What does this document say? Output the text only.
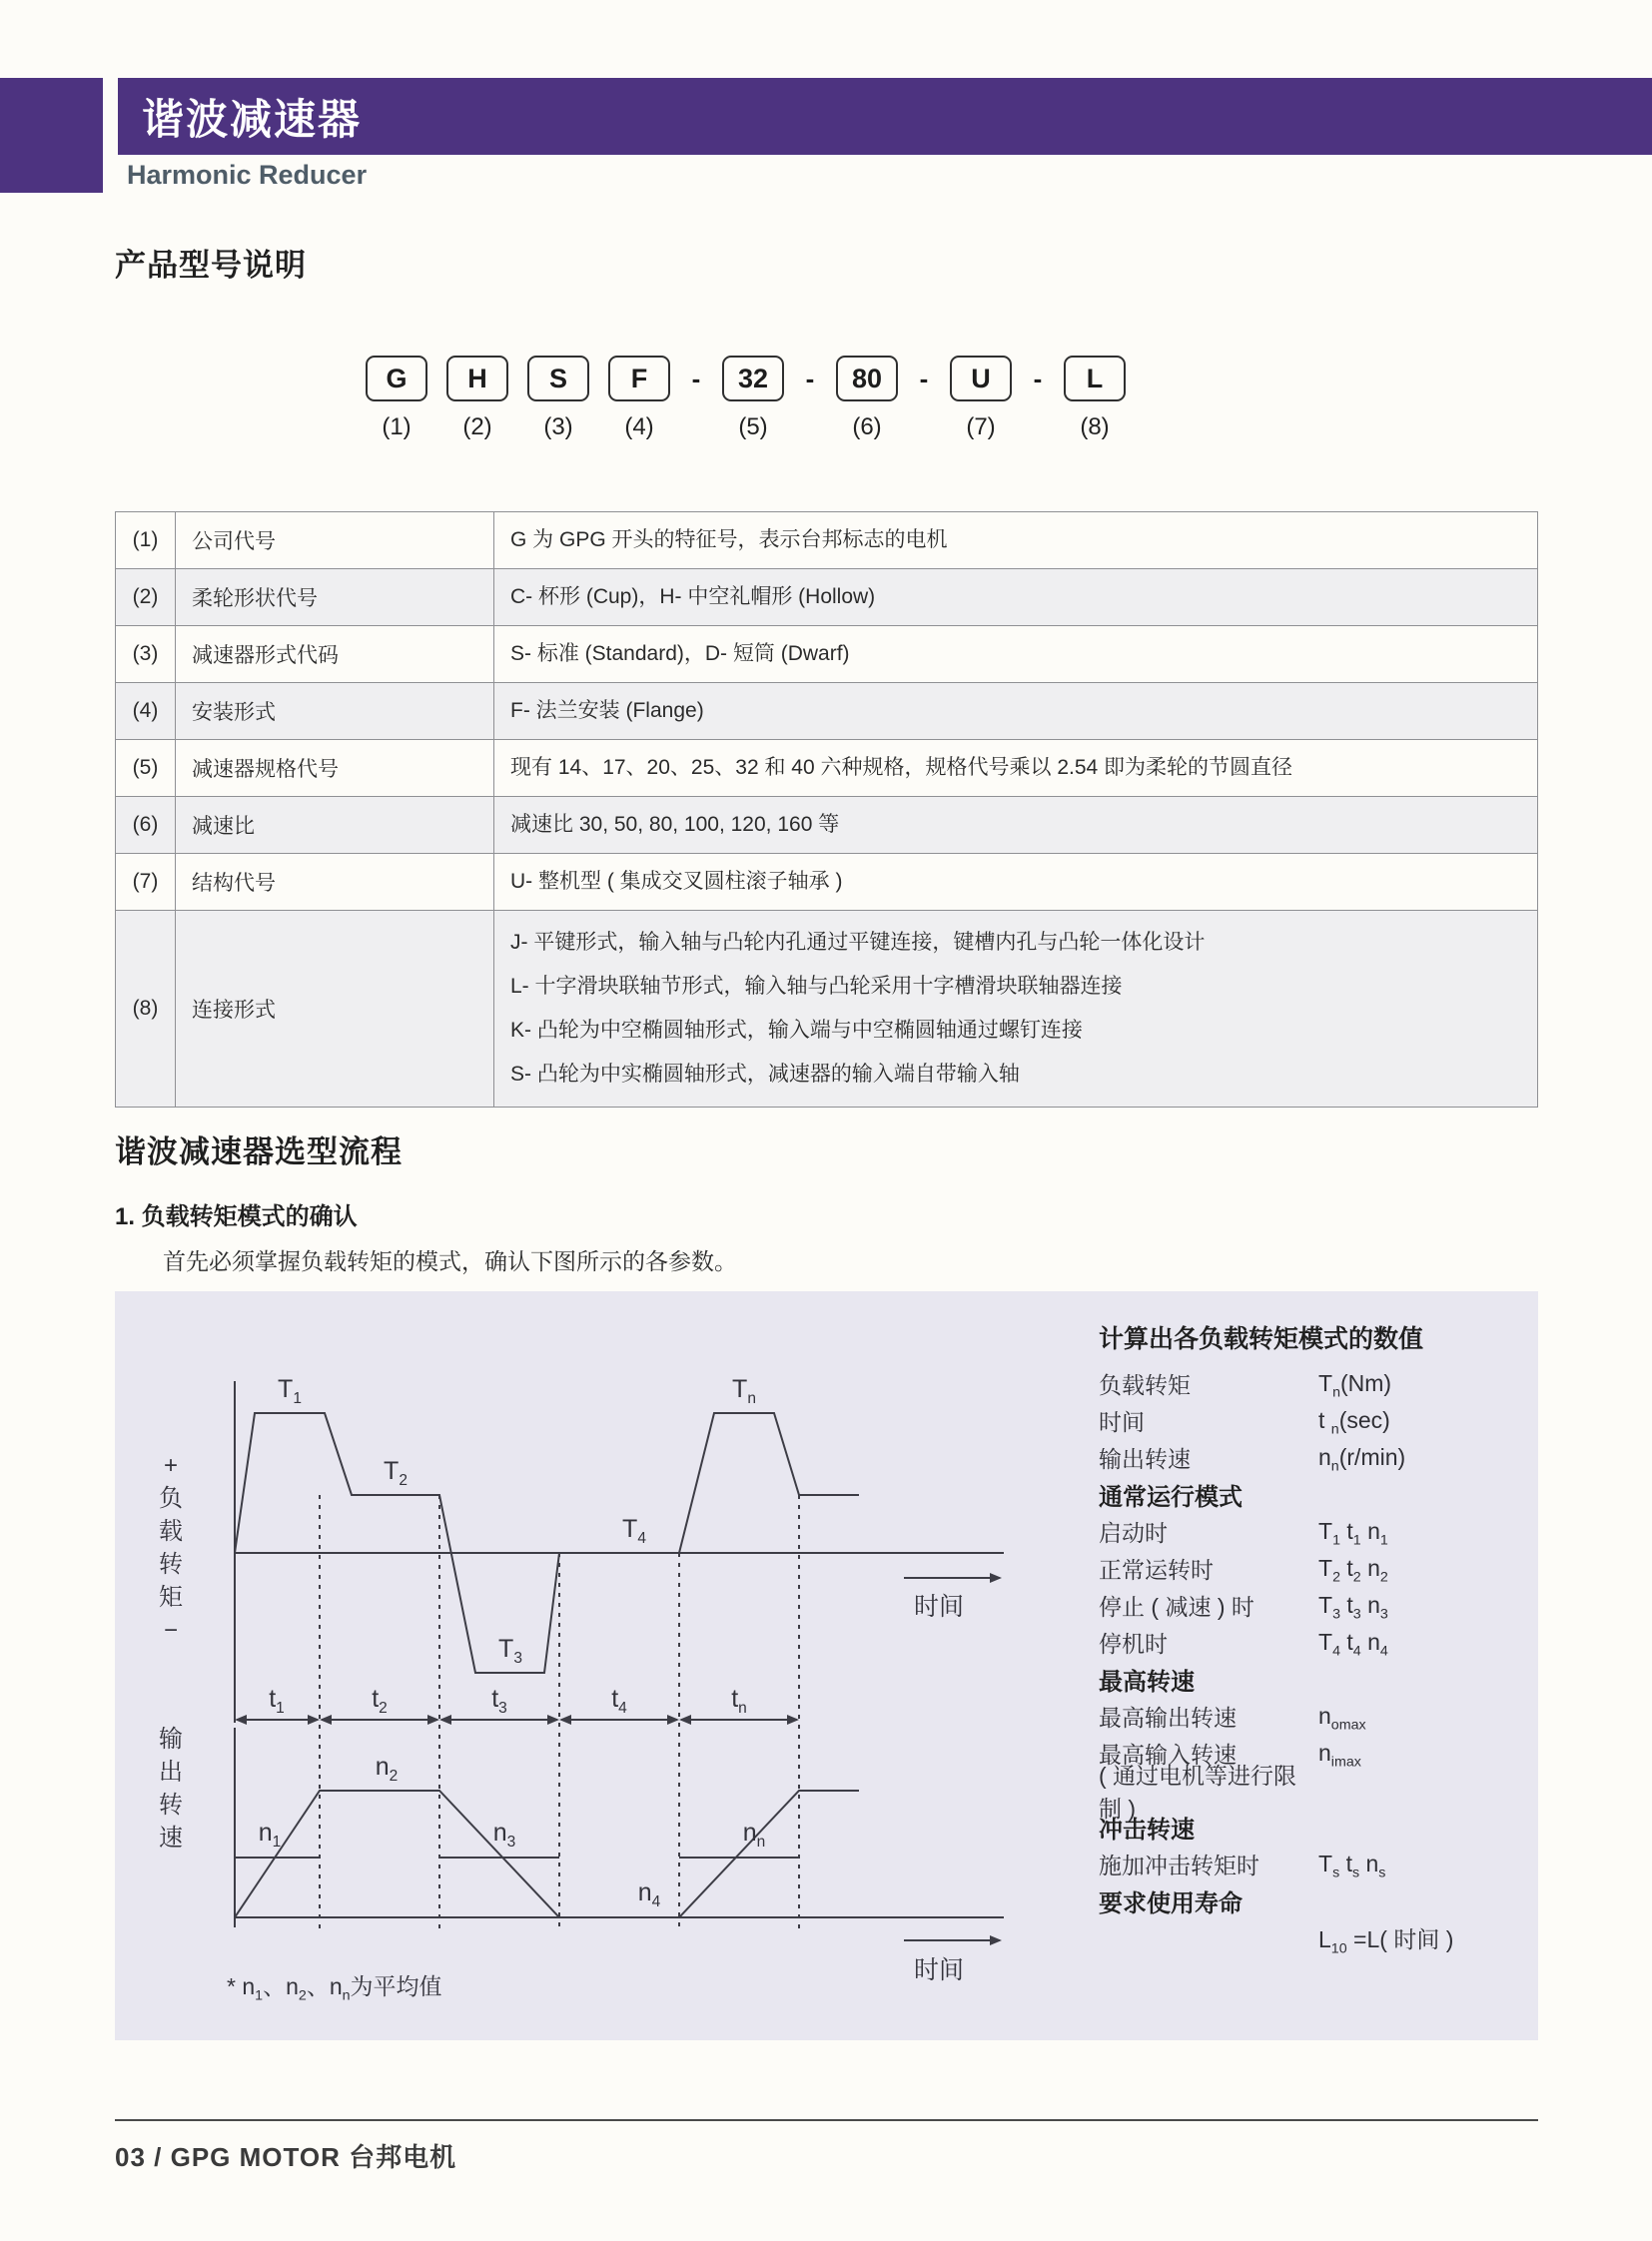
谐波减速器
Harmonic Reducer
产品型号说明
G
(1)
H
(2)
S
(3)
F
(4)
-	32
(5)
-	80
(6)
-	U
(7)
-	L
(8)
(1)	公司代号	G 为 GPG 开头的特征号，表示台邦标志的电机

(2)	柔轮形状代号	C- 杯形 (Cup)，H- 中空礼帽形 (Hollow)

(3)	减速器形式代码	S- 标准 (Standard)，D- 短筒 (Dwarf)

(4)	安装形式	F- 法兰安装 (Flange)

(5)	减速器规格代号	现有 14、17、20、25、32 和 40 六种规格，规格代号乘以 2.54 即为柔轮的节圆直径

(6)	减速比	减速比 30, 50, 80, 100, 120, 160 等

(7)	结构代号	U- 整机型 ( 集成交叉圆柱滚子轴承 )

(8)	连接形式	J- 平键形式，输入轴与凸轮内孔通过平键连接，键槽内孔与凸轮一体化设计
L- 十字滑块联轴节形式，输入轴与凸轮采用十字槽滑块联轴器连接
K- 凸轮为中空椭圆轴形式，输入端与中空椭圆轴通过螺钉连接
S- 凸轮为中实椭圆轴形式，减速器的输入端自带输入轴
谐波减速器选型流程
1. 负载转矩模式的确认

首先必须掌握负载转矩的模式，确认下图所示的各参数。

+
负载转矩
−
输出转速
$T_1$
$T_2$
$T_3$
$T_4$
$T_n$
$t_1$	$t_2$	$t_3$	$t_4$	$t_n$
$n_1$
$n_2$
$n_3$
$n_4$
$n_n$
时间
时间
* $n_1$、$n_2$、$n_n$为平均值
计算出各负载转矩模式的数值
负载转矩	$T_n(Nm)$
时间	t $_n$(sec)
输出转速	$n_n(r/\min)$
通常运行模式
启动时	$T_1$ $t_1$ $n_1$
正常运转时	$T_2$ $t_2$ $n_2$
停止 ( 减速 ) 时	$T_3$ $t_3$ $n_3$
停机时	$T_4$ $t_4$ $n_4$
最高转速
最高输出转速	$n_{omax}$
最高输入转速	$n_{imax}$
( 通过电机等进行限制 )
冲击转速
施加冲击转矩时	$T_s$ $t_s$ $n_s$
要求使用寿命
$L_{10} =L$( 时间 )
03 / GPG MOTOR 台邦电机
